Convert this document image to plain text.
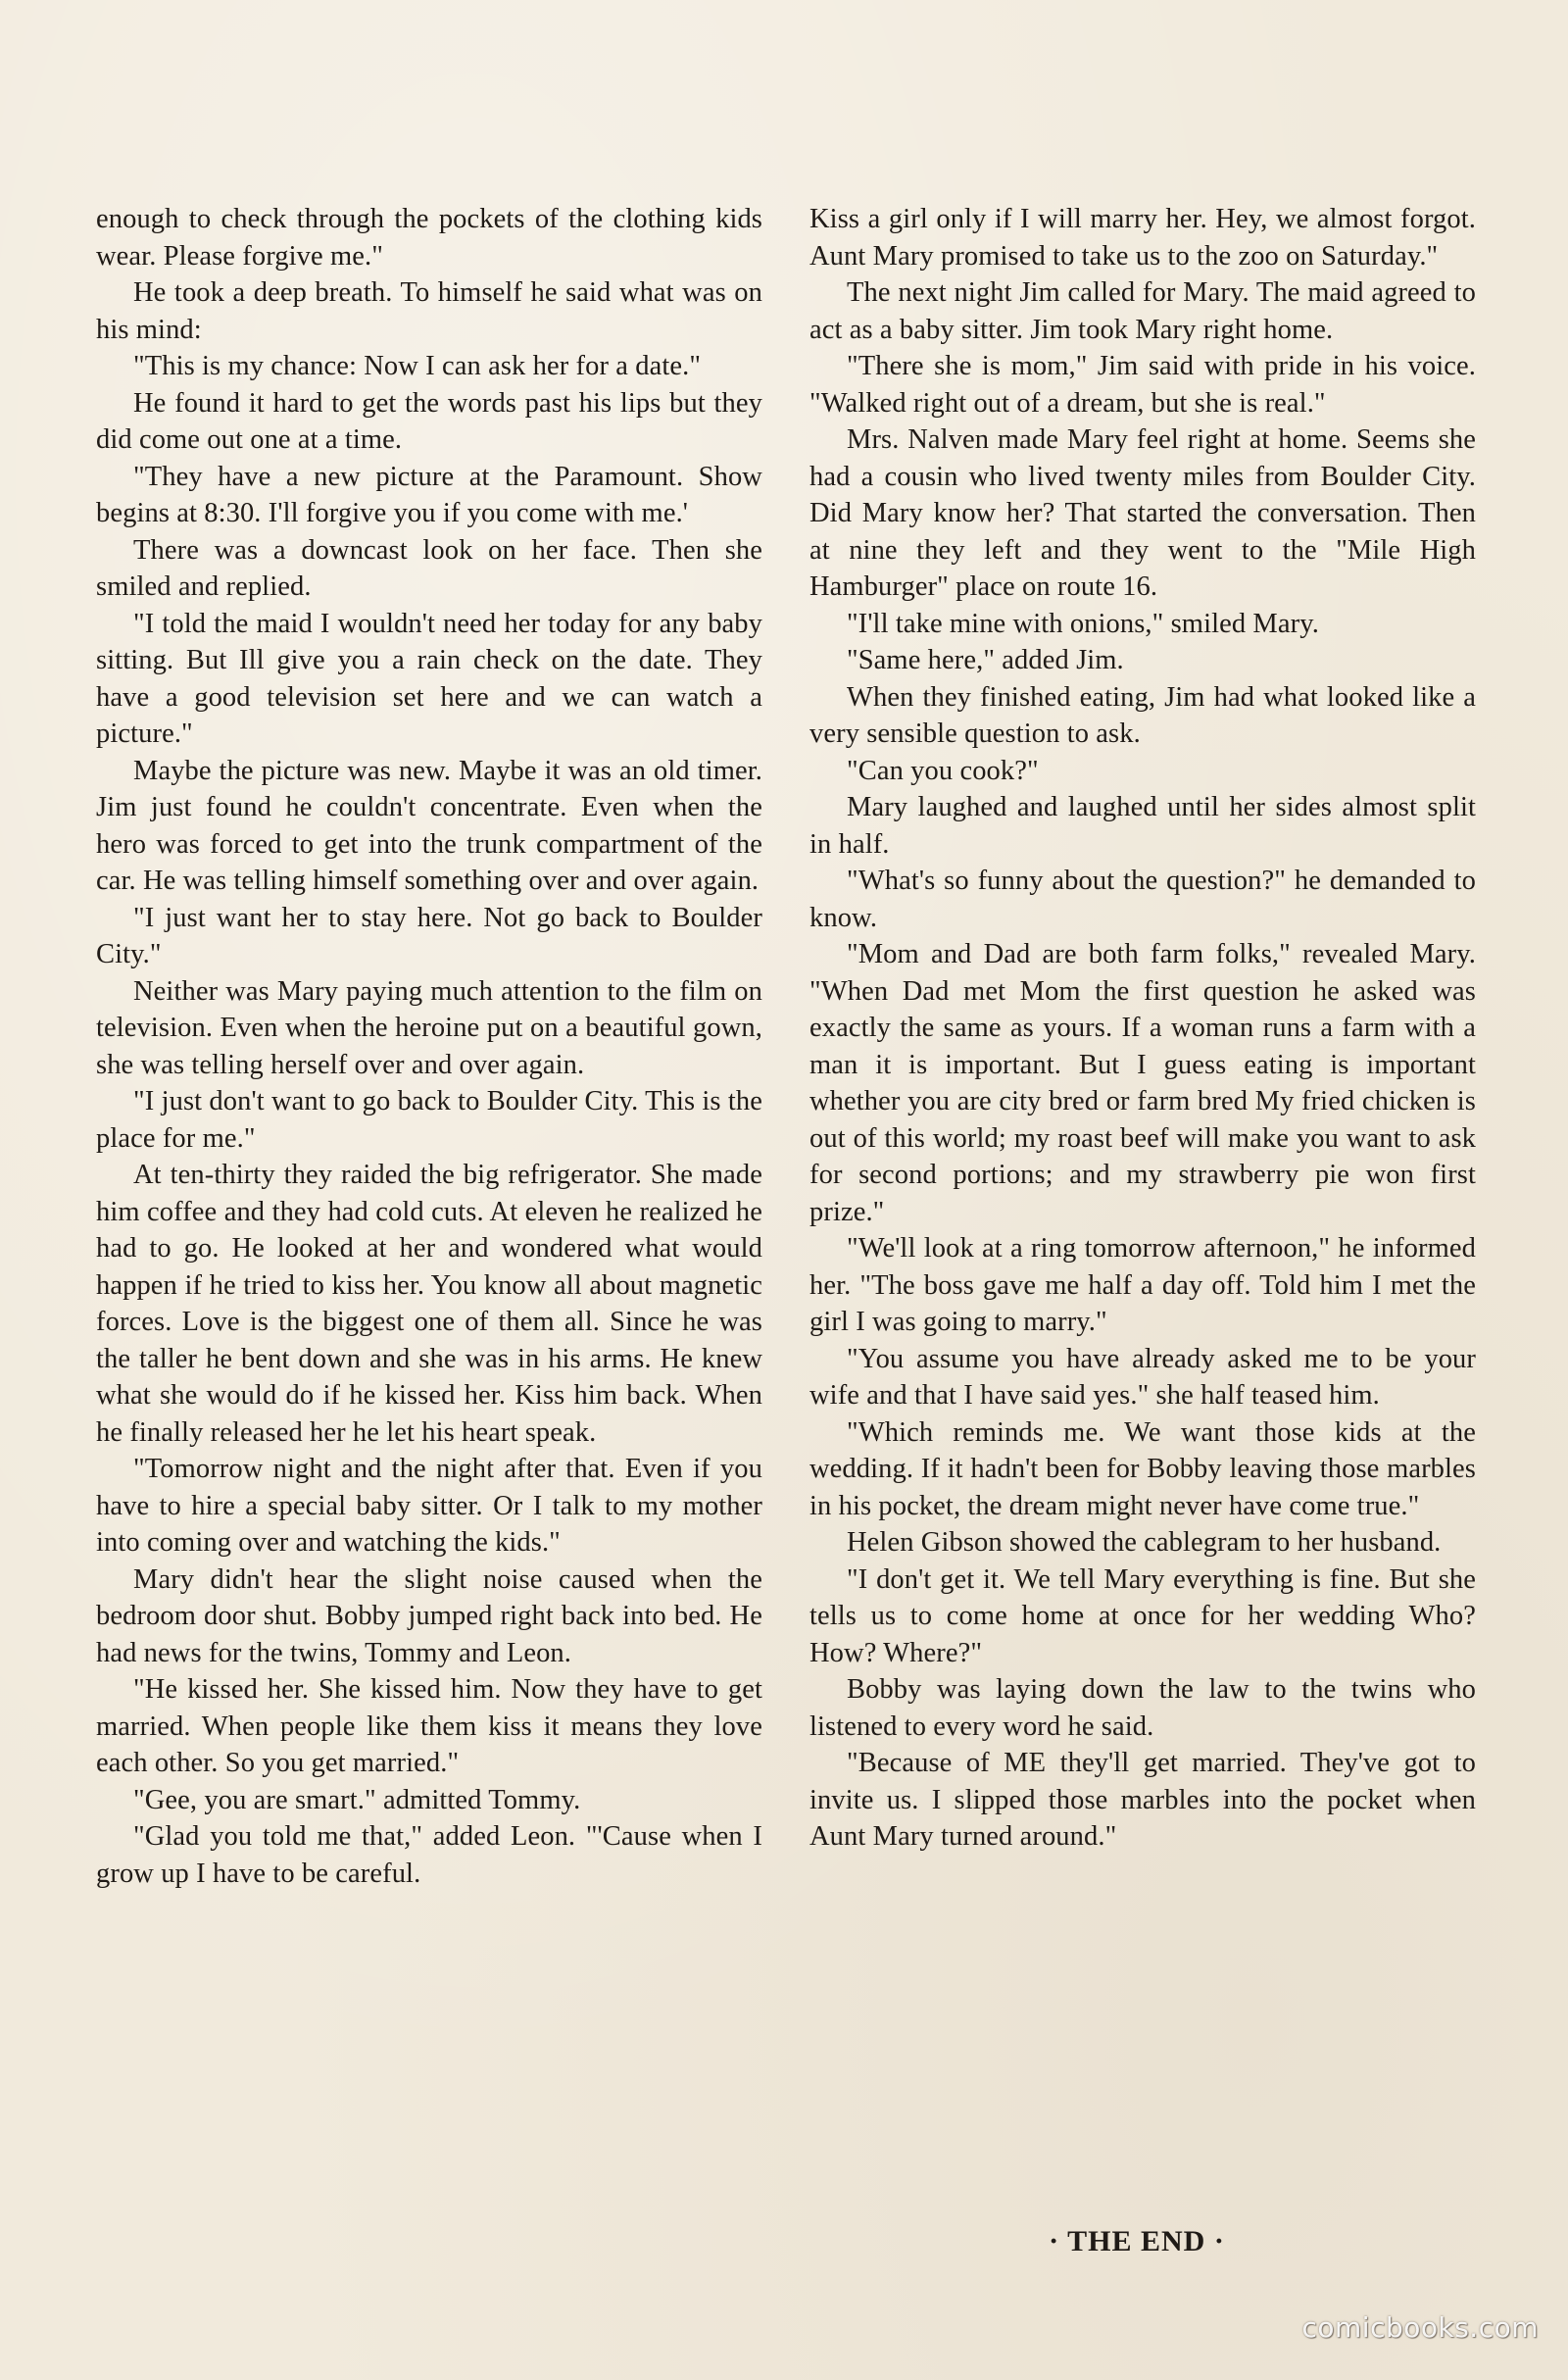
enough to check through the pockets of the clothing kids wear. Please forgive me."

He took a deep breath. To himself he said what was on his mind:

"This is my chance: Now I can ask her for a date."

He found it hard to get the words past his lips but they did come out one at a time.

"They have a new picture at the Paramount. Show begins at 8:30. I'll forgive you if you come with me.'

There was a downcast look on her face. Then she smiled and replied.

"I told the maid I wouldn't need her today for any baby sitting. But Ill give you a rain check on the date. They have a good television set here and we can watch a picture."

Maybe the picture was new. Maybe it was an old timer. Jim just found he couldn't concentrate. Even when the hero was forced to get into the trunk compartment of the car. He was telling himself something over and over again.

"I just want her to stay here. Not go back to Boulder City."

Neither was Mary paying much attention to the film on television. Even when the heroine put on a beautiful gown, she was telling herself over and over again.

"I just don't want to go back to Boulder City. This is the place for me."

At ten-thirty they raided the big refrigerator. She made him coffee and they had cold cuts. At eleven he realized he had to go. He looked at her and wondered what would happen if he tried to kiss her. You know all about magnetic forces. Love is the biggest one of them all. Since he was the taller he bent down and she was in his arms. He knew what she would do if he kissed her. Kiss him back. When he finally released her he let his heart speak.

"Tomorrow night and the night after that. Even if you have to hire a special baby sitter. Or I talk to my mother into coming over and watching the kids."

Mary didn't hear the slight noise caused when the bedroom door shut. Bobby jumped right back into bed. He had news for the twins, Tommy and Leon.

"He kissed her. She kissed him. Now they have to get married. When people like them kiss it means they love each other. So you get married."

"Gee, you are smart." admitted Tommy.

"Glad you told me that," added Leon. "'Cause when I grow up I have to be careful.

Kiss a girl only if I will marry her. Hey, we almost forgot. Aunt Mary promised to take us to the zoo on Saturday."

The next night Jim called for Mary. The maid agreed to act as a baby sitter. Jim took Mary right home.

"There she is mom," Jim said with pride in his voice. "Walked right out of a dream, but she is real."

Mrs. Nalven made Mary feel right at home. Seems she had a cousin who lived twenty miles from Boulder City. Did Mary know her? That started the conversation. Then at nine they left and they went to the "Mile High Hamburger" place on route 16.

"I'll take mine with onions," smiled Mary.

"Same here," added Jim.

When they finished eating, Jim had what looked like a very sensible question to ask.

"Can you cook?"

Mary laughed and laughed until her sides almost split in half.

"What's so funny about the question?" he demanded to know.

"Mom and Dad are both farm folks," revealed Mary. "When Dad met Mom the first question he asked was exactly the same as yours. If a woman runs a farm with a man it is important. But I guess eating is important whether you are city bred or farm bred My fried chicken is out of this world; my roast beef will make you want to ask for second portions; and my strawberry pie won first prize."

"We'll look at a ring tomorrow afternoon," he informed her. "The boss gave me half a day off. Told him I met the girl I was going to marry."

"You assume you have already asked me to be your wife and that I have said yes." she half teased him.

"Which reminds me. We want those kids at the wedding. If it hadn't been for Bobby leaving those marbles in his pocket, the dream might never have come true."

Helen Gibson showed the cablegram to her husband.

"I don't get it. We tell Mary everything is fine. But she tells us to come home at once for her wedding Who? How? Where?"

Bobby was laying down the law to the twins who listened to every word he said.

"Because of ME they'll get married. They've got to invite us. I slipped those marbles into the pocket when Aunt Mary turned around."

· THE END ·
comicbooks.com
